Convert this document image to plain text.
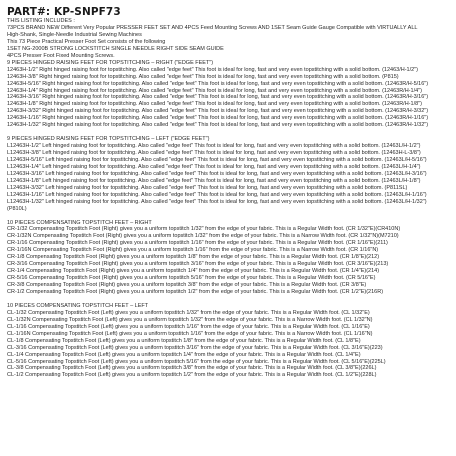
PART#: KP-SNPF73
THIS LISTING INCLUDES :
73PCS BRAND NEW Different Very Popular PRESSER FEET SET AND 4PCS Feed Mounting Screws AND 1SET Seam Guide Gauge Compatible with VIRTUALLY ALL
High-Shank, Single-Needle Industrial Sewing Machines
This 73 Piece Practical Presser Foot Set consists of the following
1SET NG-2000B STRONG LOCKSTITCH SINGLE NEEDLE RIGHT SIDE SEAM GUIDE
4PCS Presser Foot Fixed Mounting Screws.
9 PIECES HINGED RAISING FEET FOR TOPSTITCHING – RIGHT ("EDGE FEET")
12463H-1/2" Right hinged raising foot for topstitching. Also called "edge feet" This foot is ideal for long, fast and very even topstitching with a solid bottom. (12463/H-1/2")
12463H-3/8" Right hinged raising foot for topstitching. Also called "edge feet" This foot is ideal for long, fast and very even topstitching with a solid bottom. (P815)
12463H-5/16" Right hinged raising foot for topstitching. Also called "edge feet" This foot is ideal for long, fast and very even topstitching with a solid bottom. (12463R/H-5/16")
12463H-1/4" Right hinged raising foot for topstitching. Also called "edge feet" This foot is ideal for long, fast and very even topstitching with a solid bottom. (12463R/H-1/4")
12463H-3/16" Right hinged raising foot for topstitching. Also called "edge feet" This foot is ideal for long, fast and very even topstitching with a solid bottom. (12463R/H-3/16")
12463H-1/8" Right hinged raising foot for topstitching. Also called "edge feet" This foot is ideal for long, fast and very even topstitching with a solid bottom. (12463R/H-1/8")
12463H-3/32" Right hinged raising foot for topstitching. Also called "edge feet" This foot is ideal for long, fast and very even topstitching with a solid bottom. (12463R/H-3/32")
12463H-1/16" Right hinged raising foot for topstitching. Also called "edge feet" This foot is ideal for long, fast and very even topstitching with a solid bottom. (12463R/H-1/16")
12463H-1/32" Right hinged raising foot for topstitching. Also called "edge feet" This foot is ideal for long, fast and very even topstitching with a solid bottom. (12463R/H-1/32")
9 PIECES HINGED RAISING FEET FOR TOPSTITCHING – LEFT ("EDGE FEET")
L12463H-1/2" Left hinged raising foot for topstitching. Also called "edge feet" This foot is ideal for long, fast and very even topstitching with a solid bottom. (12463L/H-1/2")
L12463H-3/8" Left hinged raising foot for topstitching. Also called "edge feet" This foot is ideal for long, fast and very even topstitching with a solid bottom. (12463H-L-3/8")
L12463H-5/16" Left hinged raising foot for topstitching. Also called "edge feet" This foot is ideal for long, fast and very even topstitching with a solid bottom. (12463L/H-5/16")
L12463H-1/4" Left hinged raising foot for topstitching. Also called "edge feet" This foot is ideal for long, fast and very even topstitching with a solid bottom. (12463L/H-1/4")
L12463H-3/16" Left hinged raising foot for topstitching. Also called "edge feet" This foot is ideal for long, fast and very even topstitching with a solid bottom. (12463L/H-3/16")
L12463H-1/8" Left hinged raising foot for topstitching. Also called "edge feet" This foot is ideal for long, fast and very even topstitching with a solid bottom. (12463L/H-1/8")
L12463H-3/32" Left hinged raising foot for topstitching. Also called "edge feet" This foot is ideal for long, fast and very even topstitching with a solid bottom. (P811SL)
L12463H-1/16" Left hinged raising foot for topstitching. Also called "edge feet" This foot is ideal for long, fast and very even topstitching with a solid bottom. (12463L/H-1/16")
L12463H-1/32" Left hinged raising foot for topstitching. Also called "edge feet" This foot is ideal for long, fast and very even topstitching with a solid bottom. (12463L/H-1/32")
(P810L)
10 PIECES COMPENSATING TOPSTITCH FEET – RIGHT
CR-1/32 Compensating Topstitch Foot (Right) gives you a uniform topstitch 1/32" from the edge of your fabric. This is a Regular Width foot. (CR 1/32"E)(CR410N)
CR-1/32N Compensating Topstitch Foot (Right) gives you a uniform topstitch 1/32" from the edge of your fabric. This is a Narrow Width foot. (CR 1/32"N)(M7210)
CR-1/16 Compensating Topstitch Foot (Right) gives you a uniform topstitch 1/16" from the edge of your fabric. This is a Regular Width foot. (CR 1/16"E)(211)
CR-1/16N Compensating Topstitch Foot (Right) gives you a uniform topstitch 1/16" from the edge of your fabric. This is a Narrow Width foot. (CR 1/16"N)
CR-1/8 Compensating Topstitch Foot (Right) gives you a uniform topstitch 1/8" from the edge of your fabric. This is a Regular Width foot. (CR 1/8"E)(212)
CR-3/16 Compensating Topstitch Foot (Right) gives you a uniform topstitch 3/16" from the edge of your fabric. This is a Regular Width foot. (CR 3/16"E)(213)
CR-1/4 Compensating Topstitch Foot (Right) gives you a uniform topstitch 1/4" from the edge of your fabric. This is a Regular Width foot. (CR 1/4"E)(214)
CR-5/16 Compensating Topstitch Foot (Right) gives you a uniform topstitch 5/16" from the edge of your fabric. This is a Regular Width foot. (CR 5/16"E)
CR-3/8 Compensating Topstitch Foot (Right) gives you a uniform topstitch 3/8" from the edge of your fabric. This is a Regular Width foot. (CR 3/8"E)
CR-1/2 Compensating Topstitch Foot (Right) gives you a uniform topstitch 1/2" from the edge of your fabric. This is a Regular Width foot. (CR 1/2"E)(216R)
10 PIECES COMPENSATING TOPSTITCH FEET – LEFT
CL-1/32 Compensating Topstitch Foot (Left) gives you a uniform topstitch 1/32" from the edge of your fabric. This is a Regular Width foot. (CL 1/32"E)
CL-1/32N Compensating Topstitch Foot (Left) gives you a uniform topstitch 1/32" from the edge of your fabric. This is a Narrow Width foot. (CL 1/32"N)
CL-1/16 Compensating Topstitch Foot (Left) gives you a uniform topstitch 1/16" from the edge of your fabric. This is a Regular Width foot. (CL 1/16"E)
CL-1/16N Compensating Topstitch Foot (Left) gives you a uniform topstitch 1/16" from the edge of your fabric. This is a Narrow Width foot. (CL 1/16"N)
CL-1/8 Compensating Topstitch Foot (Left) gives you a uniform topstitch 1/8" from the edge of your fabric. This is a Regular Width foot. (CL 1/8"E)
CL-3/16 Compensating Topstitch Foot (Left) gives you a uniform topstitch 3/16" from the edge of your fabric. This is a Regular Width foot. (CL 3/16"E)(223)
CL-1/4 Compensating Topstitch Foot (Left) gives you a uniform topstitch 1/4" from the edge of your fabric. This is a Regular Width foot. (CL 1/4"E)
CL-5/16 Compensating Topstitch Foot (Left) gives you a uniform topstitch 5/16" from the edge of your fabric. This is a Regular Width foot. (CL 5/16"E)(225L)
CL-3/8 Compensating Topstitch Foot (Left) gives you a uniform topstitch 3/8" from the edge of your fabric. This is a Regular Width foot. (CL 3/8"E)(226L)
CL-1/2 Compensating Topstitch Foot (Left) gives you a uniform topstitch 1/2" from the edge of your fabric. This is a Regular Width foot. (CL 1/2"E)(228L)
